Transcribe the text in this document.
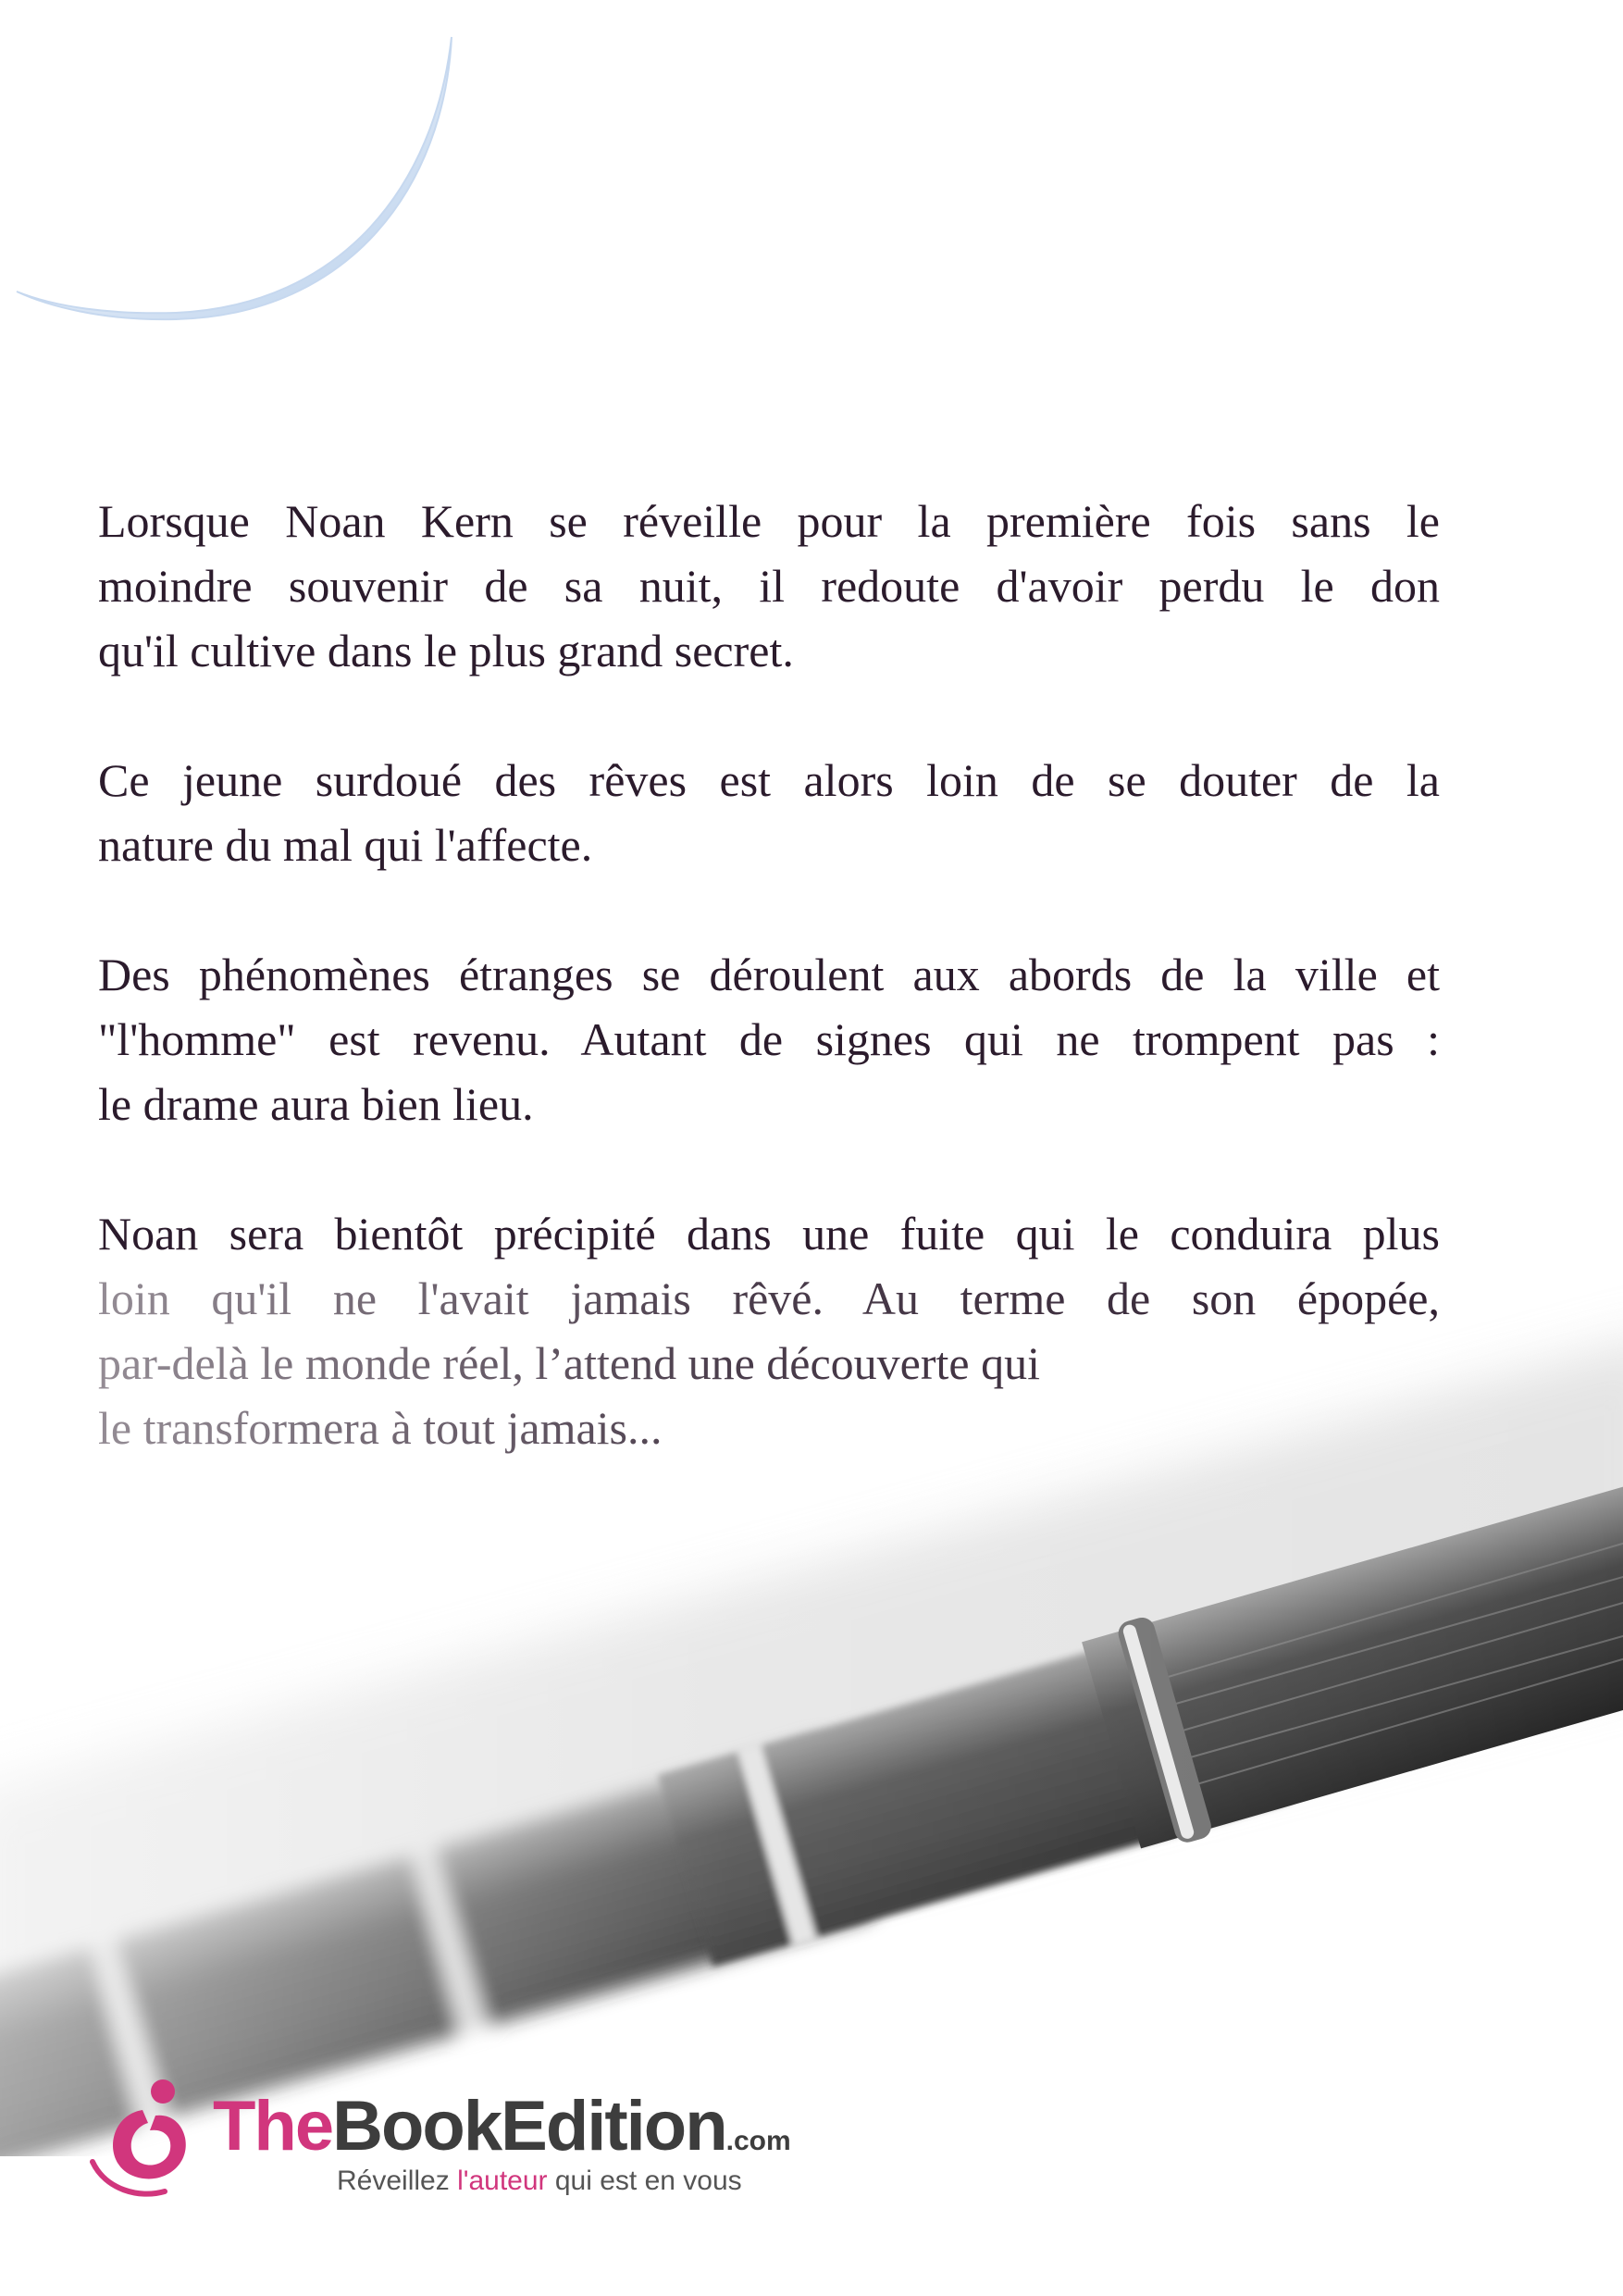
Lorsque Noan Kern se réveille pour la première fois sans le
moindre souvenir de sa nuit, il redoute d'avoir perdu le don
qu'il cultive dans le plus grand secret.

Ce jeune surdoué des rêves est alors loin de se douter de la
nature du mal qui l'affecte.

Des phénomènes étranges se déroulent aux abords de la ville et
"l'homme" est revenu. Autant de signes qui ne trompent pas :
le drame aura bien lieu.

Noan sera bientôt précipité dans une fuite qui le conduira plus

TheBookEdition.com
Réveillez l'auteur qui est en vous
